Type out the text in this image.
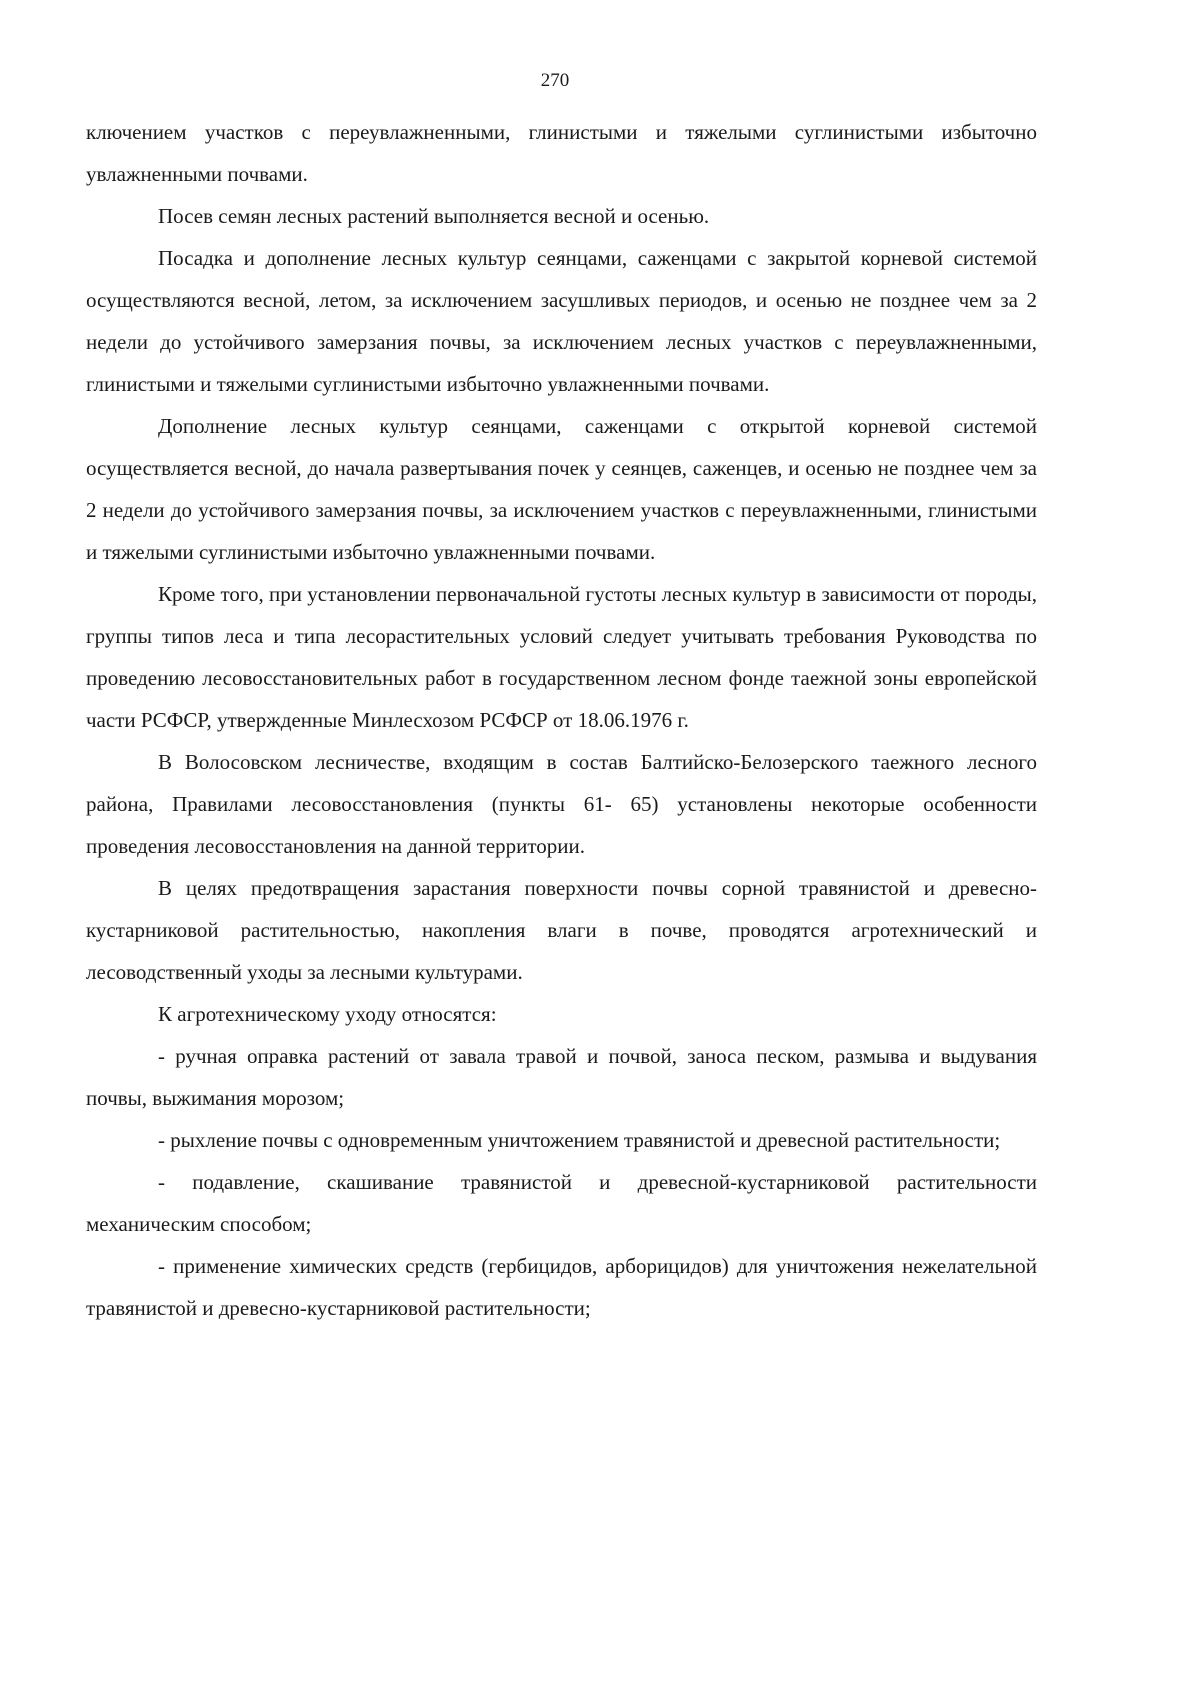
270

ключением участков с переувлажненными, глинистыми и тяжелыми суглинистыми избыточно увлажненными почвами.

Посев семян лесных растений выполняется весной и осенью.

Посадка и дополнение лесных культур сеянцами, саженцами с закрытой корневой системой осуществляются весной, летом, за исключением засушливых периодов, и осенью не позднее чем за 2 недели до устойчивого замерзания почвы, за исключением лесных участков с переувлажненными, глинистыми и тяжелыми суглинистыми избыточно увлажненными почвами.

Дополнение лесных культур сеянцами, саженцами с открытой корневой системой осуществляется весной, до начала развертывания почек у сеянцев, саженцев, и осенью не позднее чем за 2 недели до устойчивого замерзания почвы, за исключением участков с переувлажненными, глинистыми и тяжелыми суглинистыми избыточно увлажненными почвами.

Кроме того, при установлении первоначальной густоты лесных культур в зависимости от породы, группы типов леса и типа лесорастительных условий следует учитывать требования Руководства по проведению лесовосстановительных работ в государственном лесном фонде таежной зоны европейской части РСФСР, утвержденные Минлесхозом РСФСР от 18.06.1976 г.

В Волосовском лесничестве, входящим в состав Балтийско-Белозерского таежного лесного района, Правилами лесовосстановления (пункты 61- 65) установлены некоторые особенности проведения лесовосстановления на данной территории.

В целях предотвращения зарастания поверхности почвы сорной травянистой и древесно-кустарниковой растительностью, накопления влаги в почве, проводятся агротехнический и лесоводственный уходы за лесными культурами.

К агротехническому уходу относятся:

- ручная оправка растений от завала травой и почвой, заноса песком, размыва и выдувания почвы, выжимания морозом;

- рыхление почвы с одновременным уничтожением травянистой и древесной растительности;

- подавление, скашивание травянистой и древесной-кустарниковой растительности механическим способом;

- применение химических средств (гербицидов, арборицидов) для уничтожения нежелательной травянистой и древесно-кустарниковой растительности;
